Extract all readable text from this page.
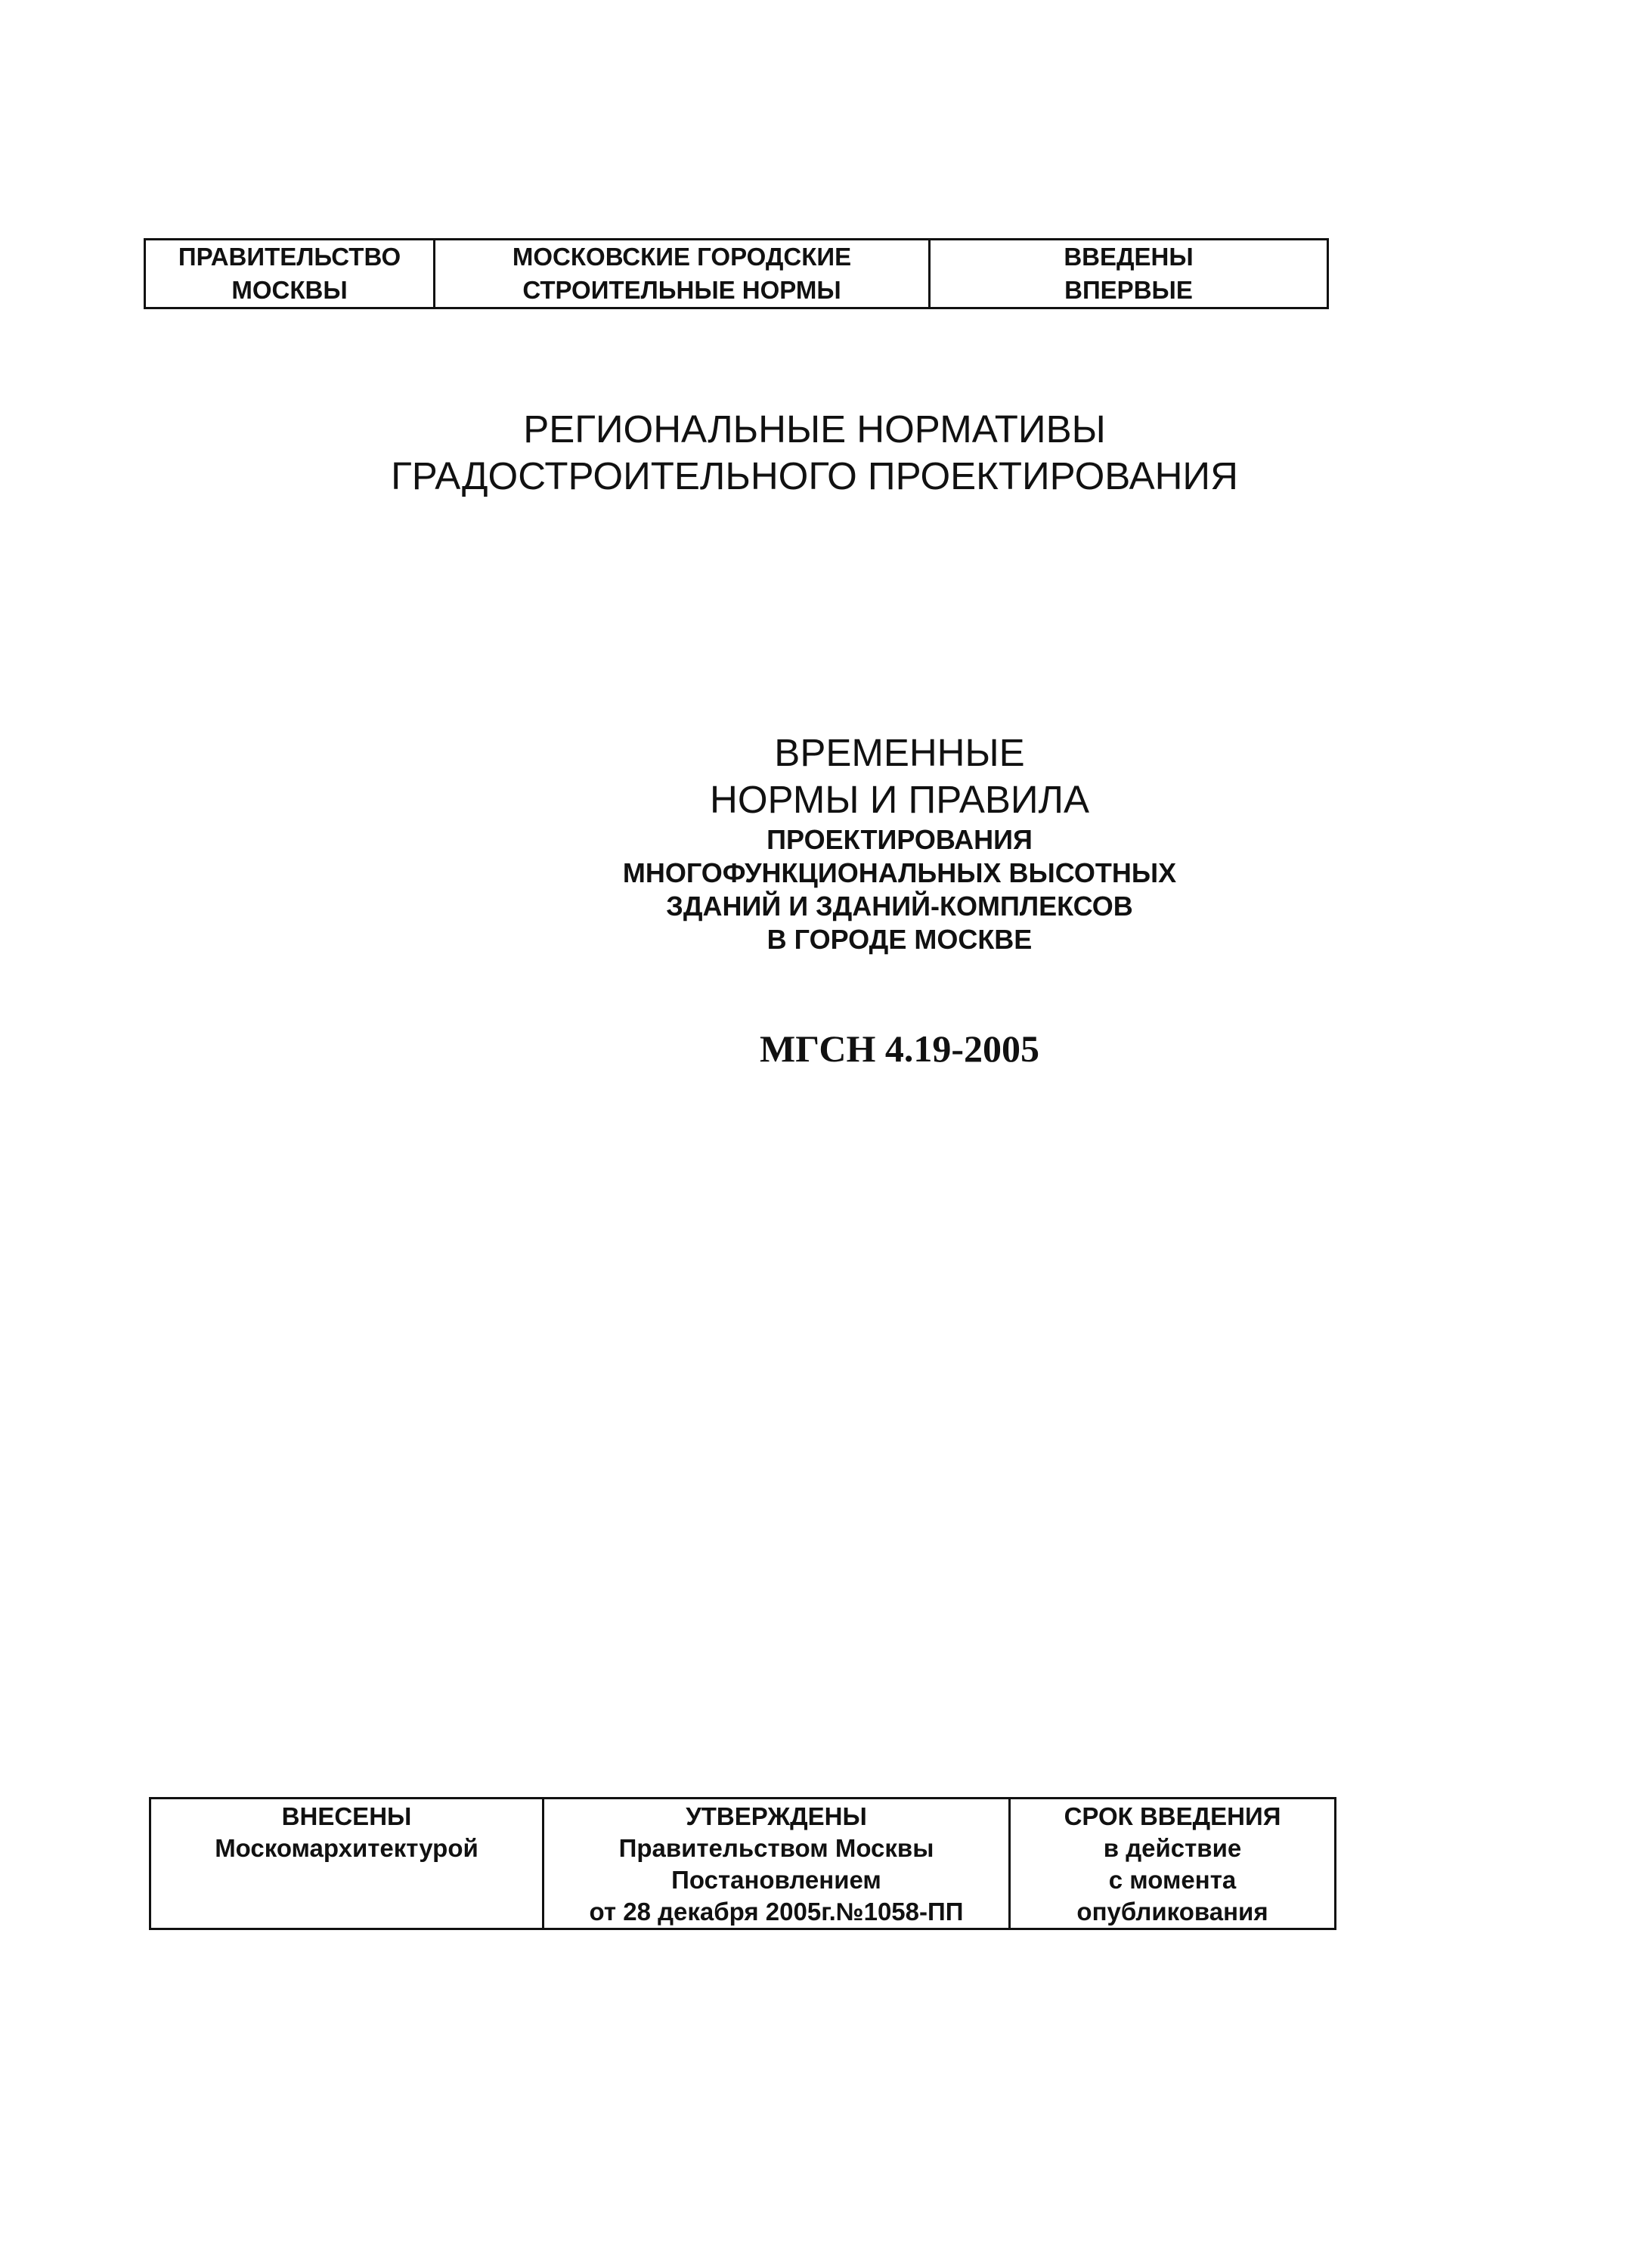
ПРАВИТЕЛЬСТВО
МОСКВЫ

МОСКОВСКИЕ ГОРОДСКИЕ
СТРОИТЕЛЬНЫЕ НОРМЫ

ВВЕДЕНЫ
ВПЕРВЫЕ
РЕГИОНАЛЬНЫЕ НОРМАТИВЫ
ГРАДОСТРОИТЕЛЬНОГО ПРОЕКТИРОВАНИЯ
ВРЕМЕННЫЕ
НОРМЫ И ПРАВИЛА
ПРОЕКТИРОВАНИЯ
МНОГОФУНКЦИОНАЛЬНЫХ ВЫСОТНЫХ
ЗДАНИЙ И ЗДАНИЙ-КОМПЛЕКСОВ
В ГОРОДЕ МОСКВЕ
МГСН 4.19-2005
ВНЕСЕНЫ
Москомархитектурой

УТВЕРЖДЕНЫ
Правительством Москвы
Постановлением
от 28 декабря 2005г.№1058-ПП

СРОК ВВЕДЕНИЯ
в действие
с момента
опубликования
